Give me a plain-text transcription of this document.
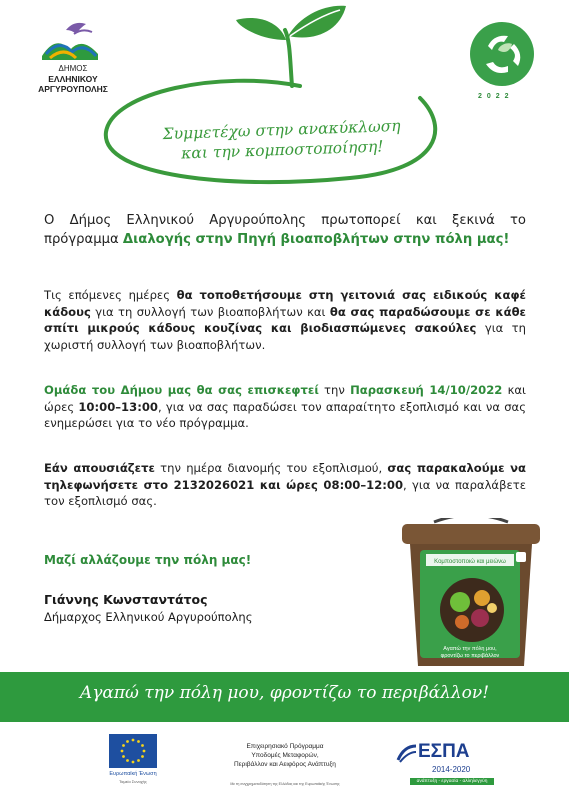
ΔΗΜΟΣ
ΕΛΛΗΝΙΚΟΥ
ΑΡΓΥΡΟΥΠΟΛΗΣ
2022
Συμμετέχω στην ανακύκλωση
και την κομποστοποίηση!
Ο Δήμος Ελληνικού Αργυρούπολης πρωτοπορεί και ξεκινά το πρόγραμμα Διαλογής στην Πηγή βιοαποβλήτων στην πόλη μας!
Τις επόμενες ημέρες θα τοποθετήσουμε στη γειτονιά σας ειδικούς καφέ κάδους για τη συλλογή των βιοαποβλήτων και θα σας παραδώσουμε σε κάθε σπίτι μικρούς κάδους κουζίνας και βιοδιασπώμενες σακούλες για τη χωριστή συλλογή των βιοαποβλήτων.
Ομάδα του Δήμου μας θα σας επισκεφτεί την Παρασκευή 14/10/2022 και ώρες 10:00–13:00, για να σας παραδώσει τον απαραίτητο εξοπλισμό και να σας ενημερώσει για το νέο πρόγραμμα.
Εάν απουσιάζετε την ημέρα διανομής του εξοπλισμού, σας παρακαλούμε να τηλεφωνήσετε στο 2132026021 και ώρες 08:00–12:00, για να παραλάβετε τον εξοπλισμό σας.
Μαζί αλλάζουμε την πόλη μας!
Γιάννης Κωνσταντάτος
Δήμαρχος Ελληνικού Αργυρούπολης
Κομποστοποιώ και μειώνω
Αγαπώ την πόλη μου,
φροντίζω το περιβάλλον
Αγαπώ την πόλη μου, φροντίζω το περιβάλλον!
Ευρωπαϊκή Ένωση
Ταμείο Συνοχής
Επιχειρησιακό Πρόγραμμα
Υποδομές Μεταφορών,
Περιβάλλον και Αειφόρος Ανάπτυξη
Με τη συγχρηματοδότηση της Ελλάδας και της Ευρωπαϊκής Ένωσης
ΕΣΠΑ
2014-2020
ανάπτυξη - εργασία - αλληλεγγύη
